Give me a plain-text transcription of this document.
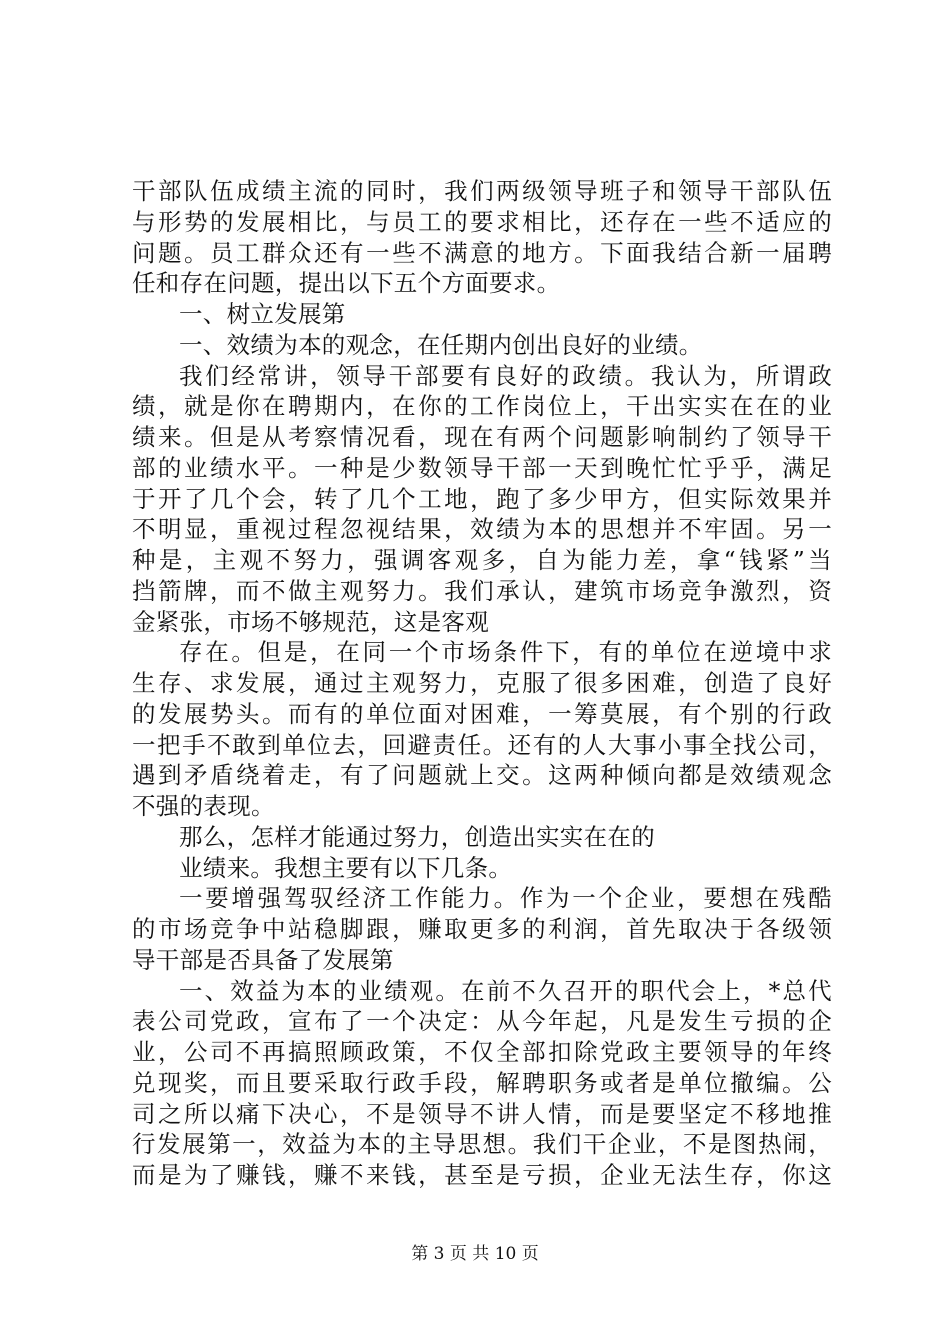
干部队伍成绩主流的同时，我们两级领导班子和领导干部队伍
与形势的发展相比，与员工的要求相比，还存在一些不适应的
问题。员工群众还有一些不满意的地方。下面我结合新一届聘
任和存在问题，提出以下五个方面要求。
一、树立发展第
一、效绩为本的观念，在任期内创出良好的业绩。
我们经常讲，领导干部要有良好的政绩。我认为，所谓政
绩，就是你在聘期内，在你的工作岗位上，干出实实在在的业
绩来。但是从考察情况看，现在有两个问题影响制约了领导干
部的业绩水平。一种是少数领导干部一天到晚忙忙乎乎，满足
于开了几个会，转了几个工地，跑了多少甲方，但实际效果并
不明显，重视过程忽视结果，效绩为本的思想并不牢固。另一
种是，主观不努力，强调客观多，自为能力差，拿“钱紧”当
挡箭牌，而不做主观努力。我们承认，建筑市场竞争激烈，资
金紧张，市场不够规范，这是客观
存在。但是，在同一个市场条件下，有的单位在逆境中求
生存、求发展，通过主观努力，克服了很多困难，创造了良好
的发展势头。而有的单位面对困难，一筹莫展，有个别的行政
一把手不敢到单位去，回避责任。还有的人大事小事全找公司，
遇到矛盾绕着走，有了问题就上交。这两种倾向都是效绩观念
不强的表现。
那么，怎样才能通过努力，创造出实实在在的
业绩来。我想主要有以下几条。
一要增强驾驭经济工作能力。作为一个企业，要想在残酷
的市场竞争中站稳脚跟，赚取更多的利润，首先取决于各级领
导干部是否具备了发展第
一、效益为本的业绩观。在前不久召开的职代会上，*总代
表公司党政，宣布了一个决定：从今年起，凡是发生亏损的企
业，公司不再搞照顾政策，不仅全部扣除党政主要领导的年终
兑现奖，而且要采取行政手段，解聘职务或者是单位撤编。公
司之所以痛下决心，不是领导不讲人情，而是要坚定不移地推
行发展第一，效益为本的主导思想。我们干企业，不是图热闹，
而是为了赚钱，赚不来钱，甚至是亏损，企业无法生存，你这
第 3 页 共 10 页
